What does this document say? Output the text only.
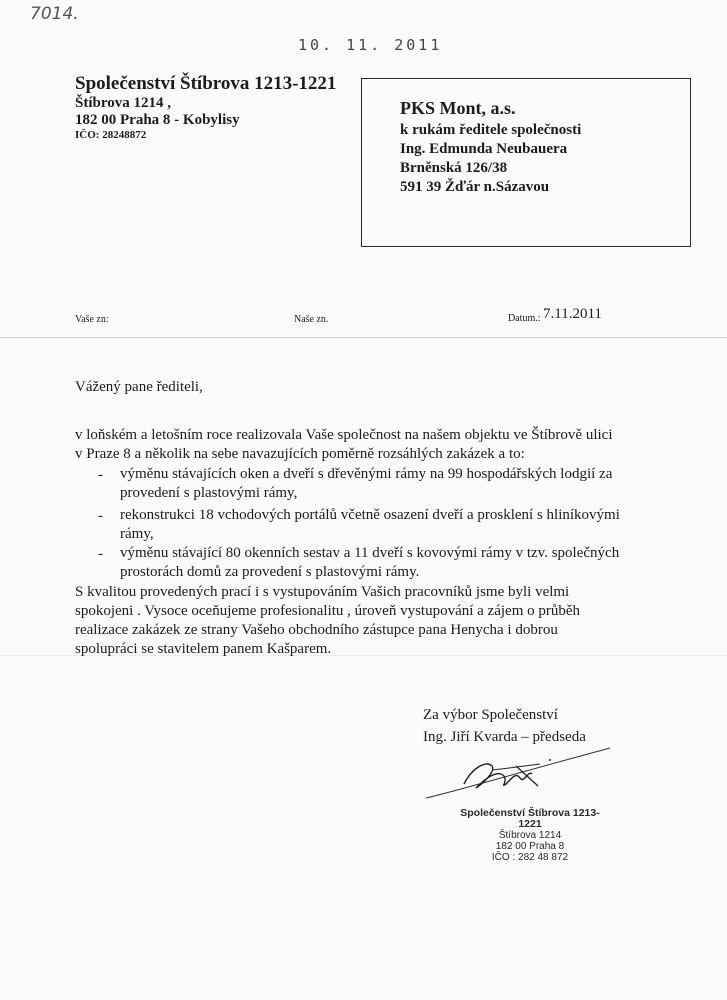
7014.
10. 11. 2011
Společenství Štíbrova 1213-1221
Štíbrova 1214 ,
182 00 Praha 8 - Kobylisy
IČO: 28248872
PKS Mont, a.s.
k rukám ředitele společnosti
Ing. Edmunda Neubauera
Brněnská 126/38
591 39 Žďár n.Sázavou
Vaše zn:	Naše zn.	Datum.: 7.11.2011
Vážený pane řediteli,
v loňském a letošním roce realizovala Vaše společnost na našem objektu ve Štíbrově ulici
v Praze 8 a několik na sebe navazujících poměrně rozsáhlých zakázek a to:
- výměnu stávajících oken a dveří s dřevěnými rámy na 99 hospodářských lodgií za
provedení s plastovými rámy,
- rekonstrukci 18 vchodových portálů včetně osazení dveří a prosklení s hliníkovými
rámy,
- výměnu stávající 80 okenních sestav a 11 dveří s kovovými rámy v tzv. společných
prostorách domů za provedení s plastovými rámy.
S kvalitou provedených prací i s vystupováním Vašich pracovníků jsme byli velmi
spokojeni . Vysoce oceňujeme profesionalitu , úroveň vystupování a zájem o průběh
realizace zakázek ze strany Vašeho obchodního zástupce pana Henycha i dobrou
spolupráci se stavitelem panem Kašparem.
Za výbor Společenství
Ing. Jiří Kvarda – předseda
Společenství Štíbrova 1213-1221
Štíbrova 1214
182 00 Praha 8
IČO : 282 48 872
